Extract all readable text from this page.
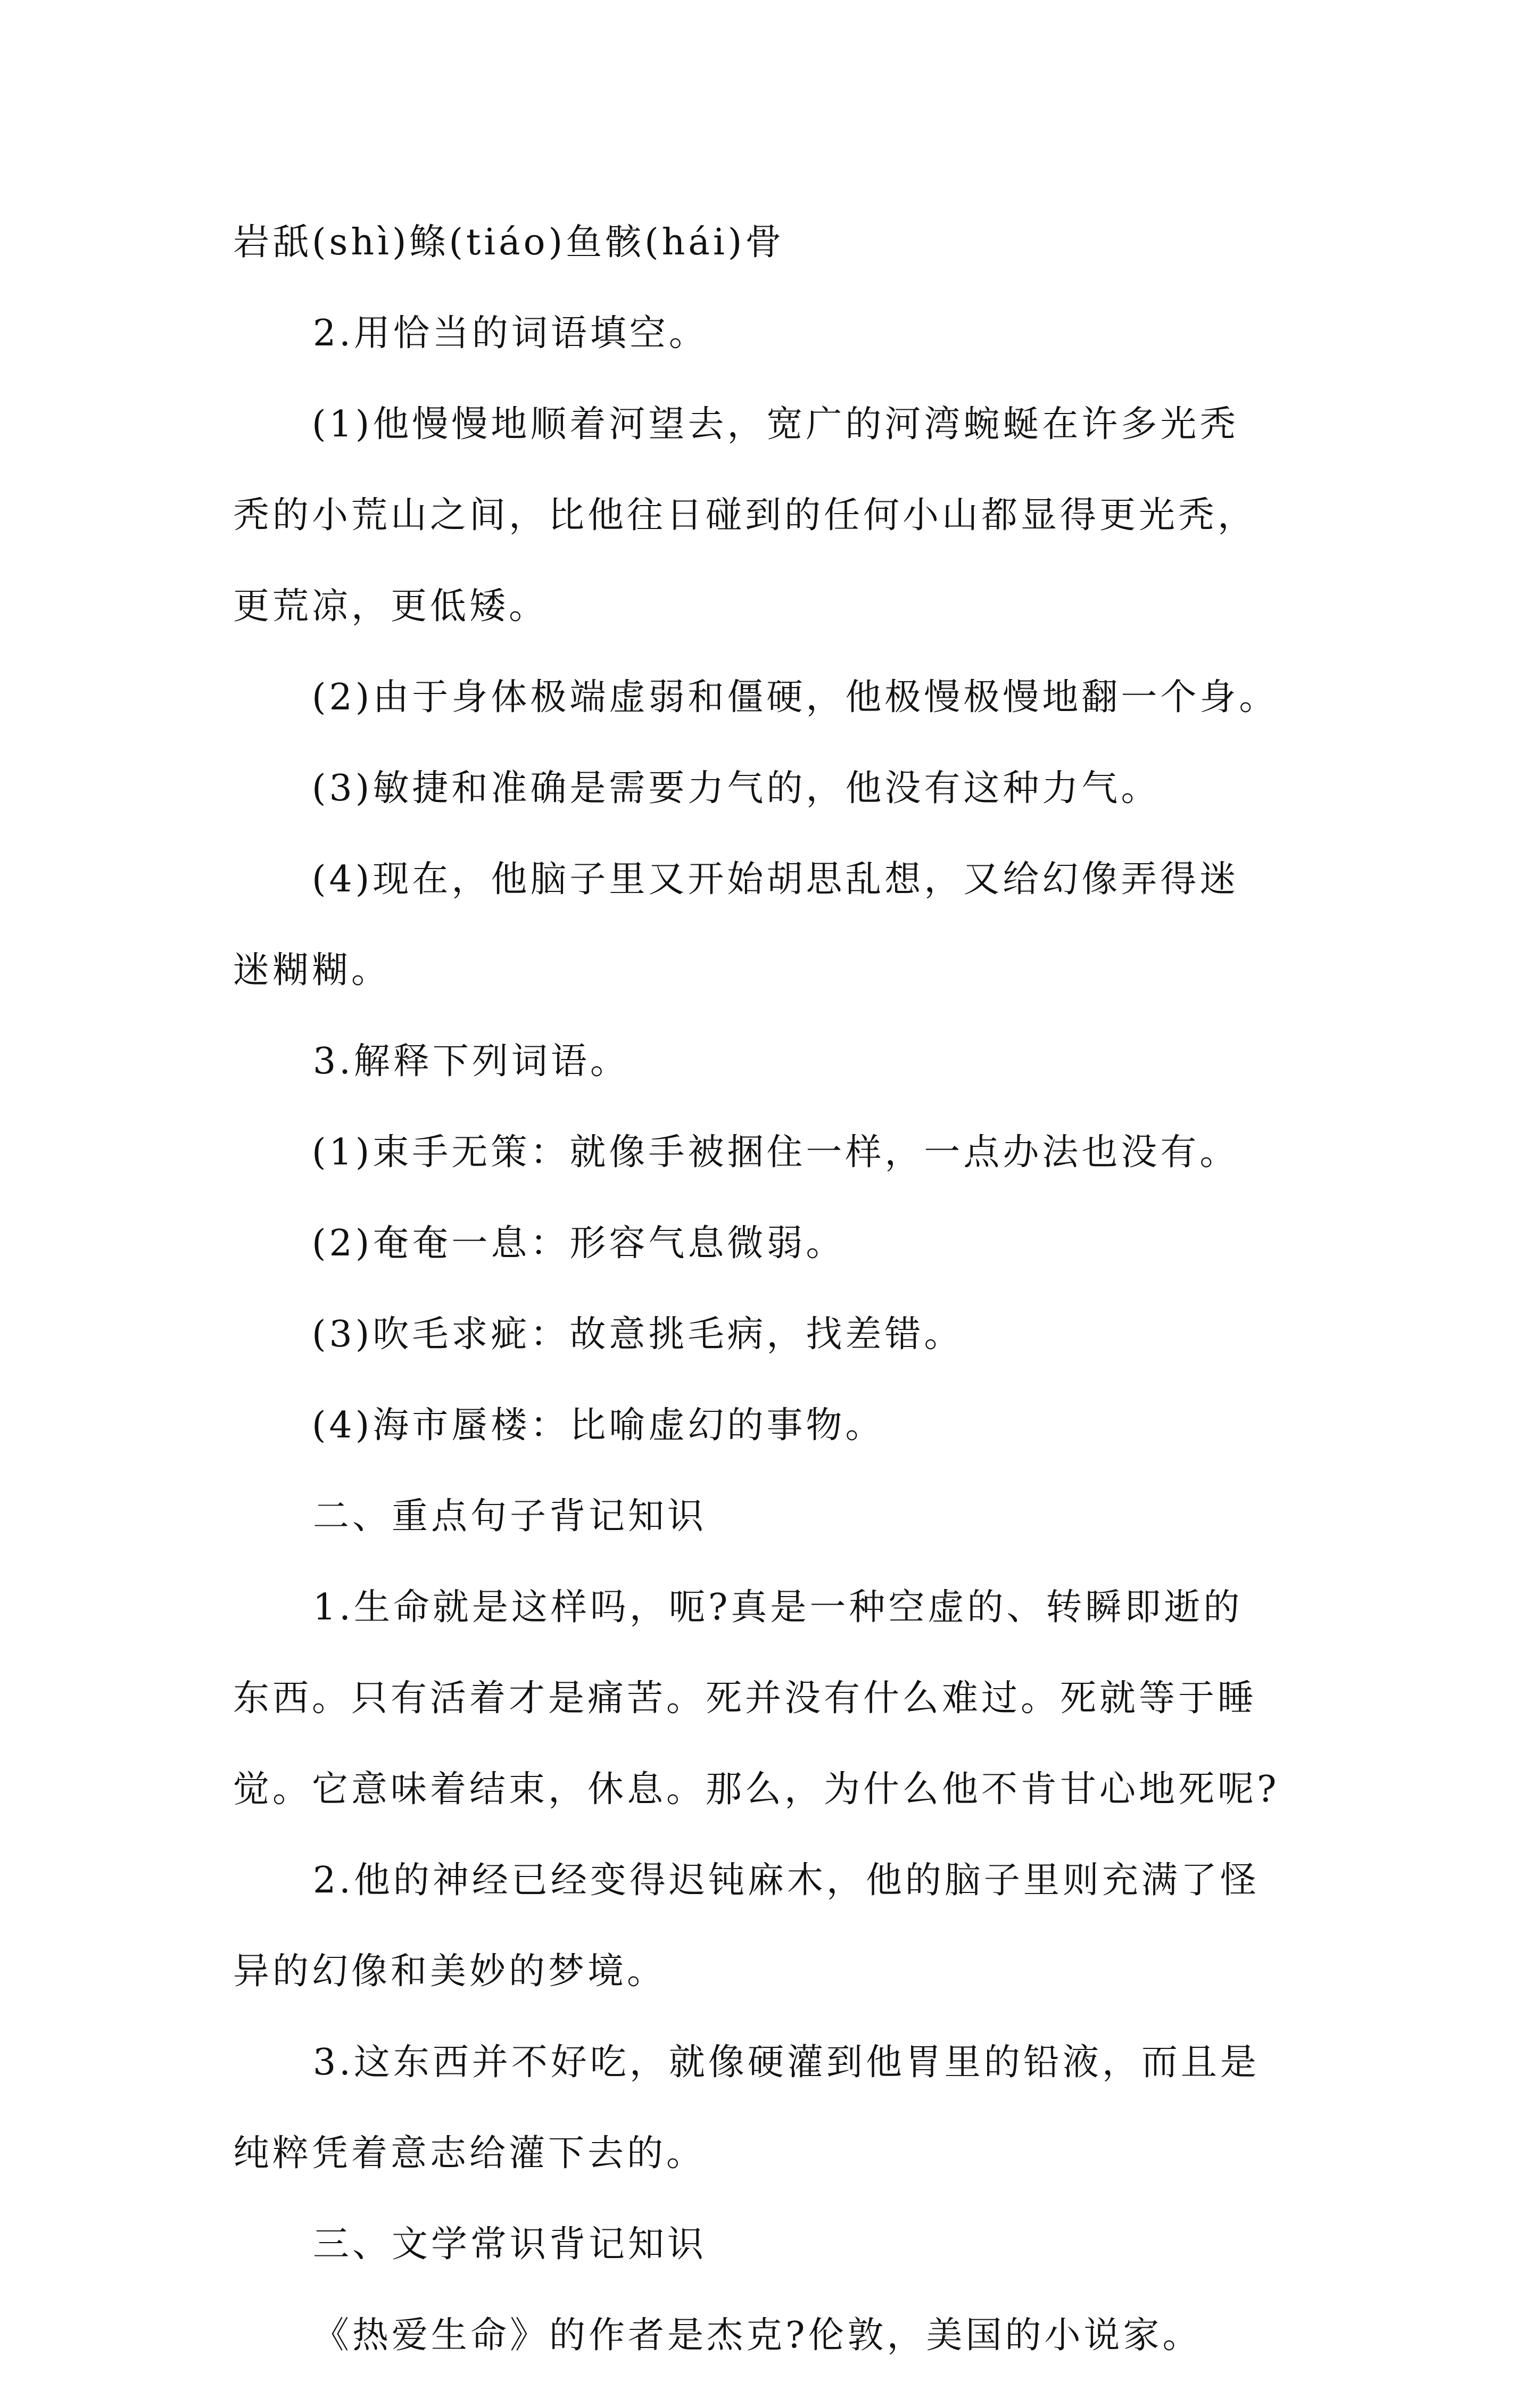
岩舐(shì)鲦(tiáo)鱼骸(hái)骨
2.用恰当的词语填空。
(1)他慢慢地顺着河望去，宽广的河湾蜿蜒在许多光秃
秃的小荒山之间，比他往日碰到的任何小山都显得更光秃，
更荒凉，更低矮。
(2)由于身体极端虚弱和僵硬，他极慢极慢地翻一个身。
(3)敏捷和准确是需要力气的，他没有这种力气。
(4)现在，他脑子里又开始胡思乱想，又给幻像弄得迷
迷糊糊。
3.解释下列词语。
(1)束手无策：就像手被捆住一样，一点办法也没有。
(2)奄奄一息：形容气息微弱。
(3)吹毛求疵：故意挑毛病，找差错。
(4)海市蜃楼：比喻虚幻的事物。
二、重点句子背记知识
1.生命就是这样吗，呃?真是一种空虚的、转瞬即逝的
东西。只有活着才是痛苦。死并没有什么难过。死就等于睡
觉。它意味着结束，休息。那么，为什么他不肯甘心地死呢?
2.他的神经已经变得迟钝麻木，他的脑子里则充满了怪
异的幻像和美妙的梦境。
3.这东西并不好吃，就像硬灌到他胃里的铅液，而且是
纯粹凭着意志给灌下去的。
三、文学常识背记知识
《热爱生命》的作者是杰克?伦敦，美国的小说家。
